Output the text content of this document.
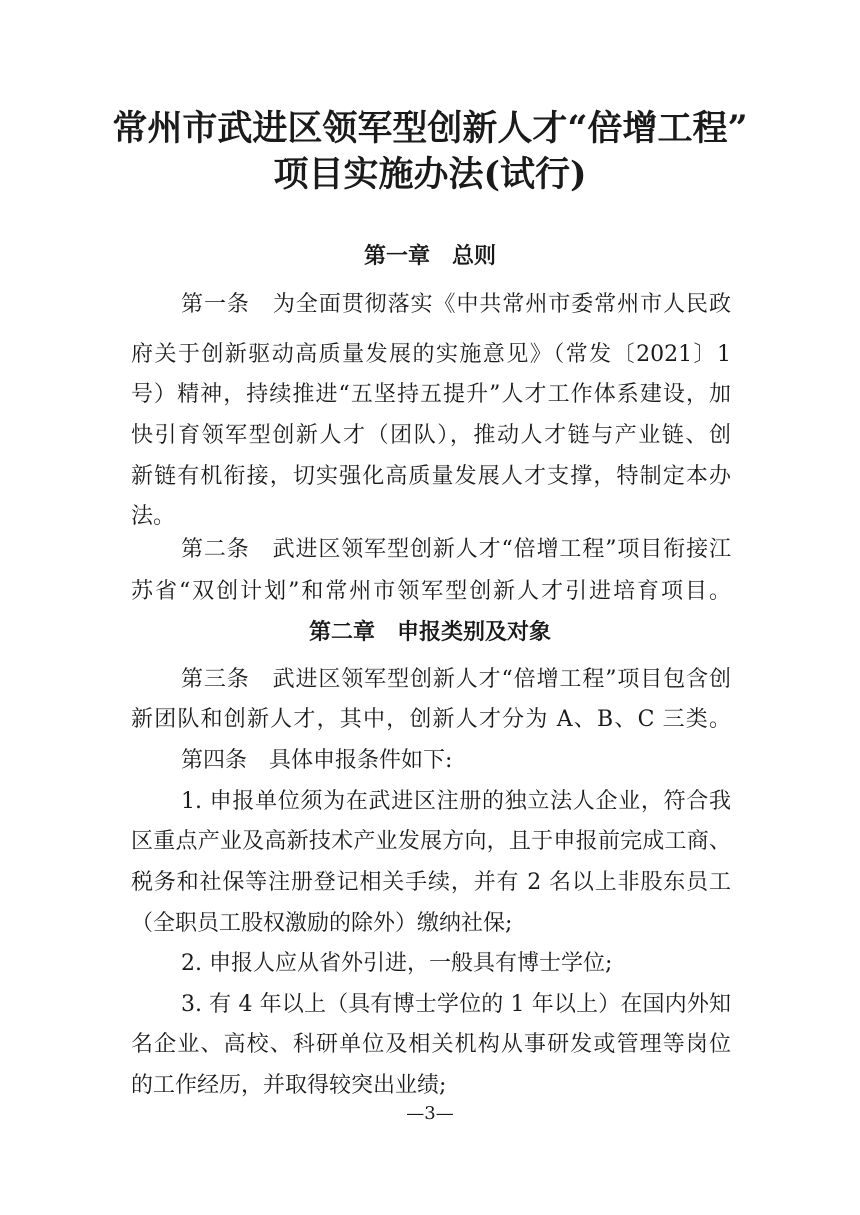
常州市武进区领军型创新人才“倍增工程”
项目实施办法(试行)
第一章　总则
第一条　为全面贯彻落实《中共常州市委常州市人民政
府关于创新驱动高质量发展的实施意见》（常发〔2021〕1
号）精神，持续推进“五坚持五提升”人才工作体系建设，加
快引育领军型创新人才（团队），推动人才链与产业链、创
新链有机衔接，切实强化高质量发展人才支撑，特制定本办
法。
第二条　武进区领军型创新人才“倍增工程”项目衔接江
苏省“双创计划”和常州市领军型创新人才引进培育项目。
第二章　申报类别及对象
第三条　武进区领军型创新人才“倍增工程”项目包含创
新团队和创新人才，其中，创新人才分为 A、B、C 三类。
第四条　具体申报条件如下:
1. 申报单位须为在武进区注册的独立法人企业，符合我
区重点产业及高新技术产业发展方向，且于申报前完成工商、
税务和社保等注册登记相关手续，并有 2 名以上非股东员工
（全职员工股权激励的除外）缴纳社保;
2. 申报人应从省外引进，一般具有博士学位;
3. 有 4 年以上（具有博士学位的 1 年以上）在国内外知
名企业、高校、科研单位及相关机构从事研发或管理等岗位
的工作经历，并取得较突出业绩;
—3—
